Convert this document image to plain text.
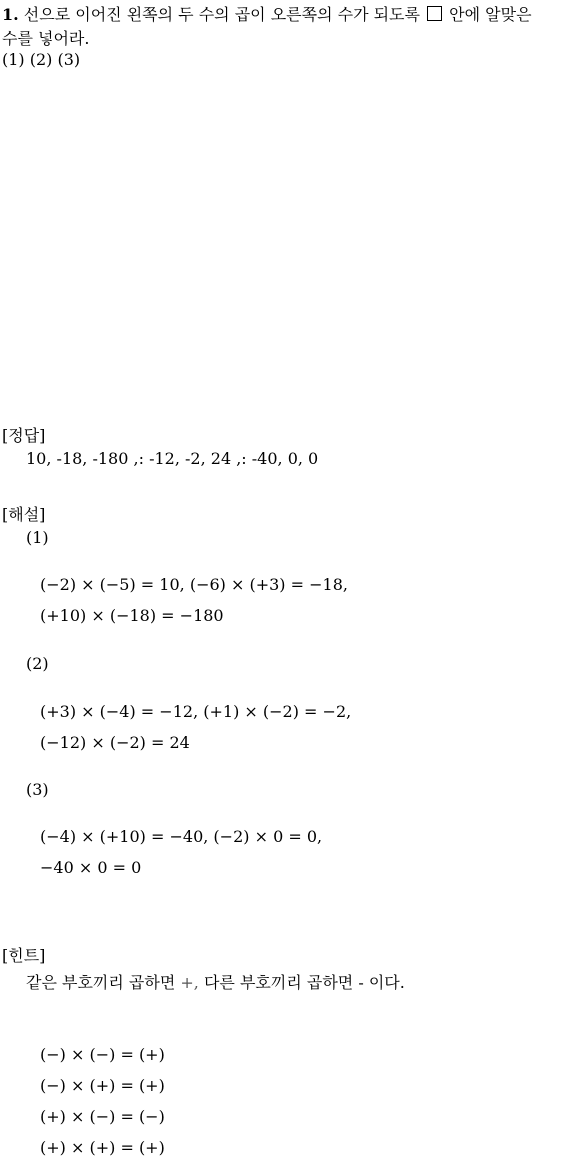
1. 선으로 이어진 왼쪽의 두 수의 곱이 오른쪽의 수가 되도록 안에 알맞은
수를 넣어라.
(1) (2) (3)
[정답]
10, -18, -180 ,: -12, -2, 24 ,: -40, 0, 0
[해설]
(1)
(−2) × (−5) = 10, (−6) × (+3) = −18,
(+10) × (−18) = −180
(2)
(+3) × (−4) = −12, (+1) × (−2) = −2,
(−12) × (−2) = 24
(3)
(−4) × (+10) = −40, (−2) × 0 = 0,
−40 × 0 = 0
[힌트]
같은 부호끼리 곱하면 +, 다른 부호끼리 곱하면 - 이다.
(−) × (−) = (+)
(−) × (+) = (+)
(+) × (−) = (−)
(+) × (+) = (+)
